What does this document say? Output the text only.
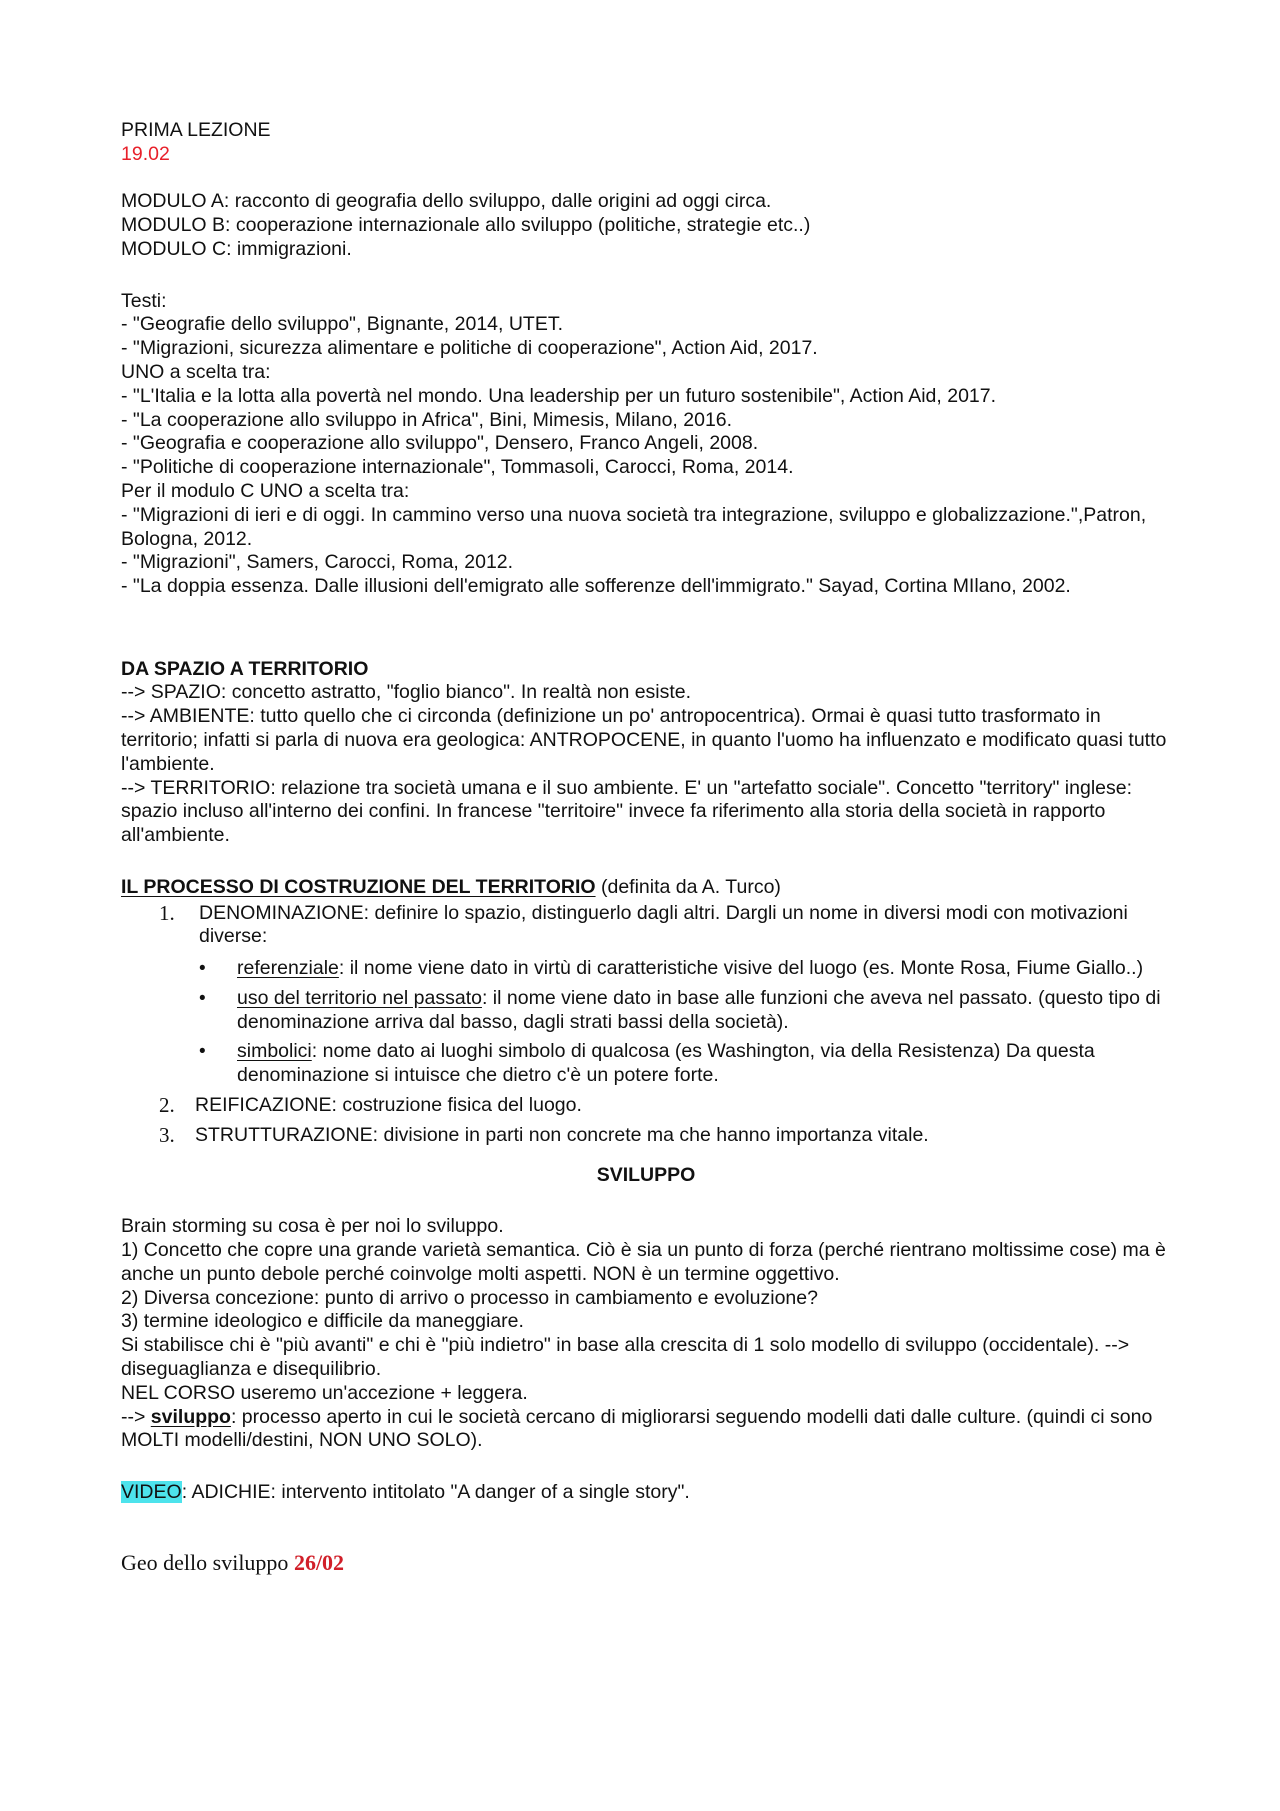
PRIMA LEZIONE
19.02
MODULO A: racconto di geografia dello sviluppo, dalle origini ad oggi circa.
MODULO B: cooperazione internazionale allo sviluppo (politiche, strategie etc..)
MODULO C: immigrazioni.
Testi:
- "Geografie dello sviluppo", Bignante, 2014, UTET.
- "Migrazioni, sicurezza alimentare e politiche di cooperazione", Action Aid, 2017.
UNO a scelta tra:
- "L'Italia e la lotta alla povertà nel mondo. Una leadership per un futuro sostenibile", Action Aid, 2017.
- "La cooperazione allo sviluppo in Africa", Bini, Mimesis, Milano, 2016.
- "Geografia e cooperazione allo sviluppo", Densero, Franco Angeli, 2008.
- "Politiche di cooperazione internazionale", Tommasoli, Carocci, Roma, 2014.
Per il modulo C UNO a scelta tra:
- "Migrazioni di ieri e di oggi. In cammino verso una nuova società tra integrazione, sviluppo e globalizzazione.",Patron, Bologna, 2012.
- "Migrazioni", Samers, Carocci, Roma, 2012.
- "La doppia essenza. Dalle illusioni dell'emigrato alle sofferenze dell'immigrato." Sayad, Cortina MIlano, 2002.
DA SPAZIO A TERRITORIO
--> SPAZIO: concetto astratto, "foglio bianco". In realtà non esiste.
--> AMBIENTE: tutto quello che ci circonda (definizione un po' antropocentrica). Ormai è quasi tutto trasformato in territorio; infatti si parla di nuova era geologica: ANTROPOCENE, in quanto l'uomo ha influenzato e modificato quasi tutto l'ambiente.
--> TERRITORIO: relazione tra società umana e il suo ambiente. E' un "artefatto sociale". Concetto "territory" inglese: spazio incluso all'interno dei confini. In francese "territoire" invece fa riferimento alla storia della società in rapporto all'ambiente.
IL PROCESSO DI COSTRUZIONE DEL TERRITORIO (definita da A. Turco)
1. DENOMINAZIONE: definire lo spazio, distinguerlo dagli altri. Dargli un nome in diversi modi con motivazioni diverse:
• referenziale: il nome viene dato in virtù di caratteristiche visive del luogo (es. Monte Rosa, Fiume Giallo..)
• uso del territorio nel passato: il nome viene dato in base alle funzioni che aveva nel passato. (questo tipo di denominazione arriva dal basso, dagli strati bassi della società).
• simbolici: nome dato ai luoghi simbolo di qualcosa (es Washington, via della Resistenza) Da questa denominazione si intuisce che dietro c'è un potere forte.
2. REIFICAZIONE: costruzione fisica del luogo.
3. STRUTTURAZIONE: divisione in parti non concrete ma che hanno importanza vitale.
SVILUPPO
Brain storming su cosa è per noi lo sviluppo.
1) Concetto che copre una grande varietà semantica. Ciò è sia un punto di forza (perché rientrano moltissime cose) ma è anche un punto debole perché coinvolge molti aspetti. NON è un termine oggettivo.
2) Diversa concezione: punto di arrivo o processo in cambiamento e evoluzione?
3) termine ideologico e difficile da maneggiare.
Si stabilisce chi è "più avanti" e chi è "più indietro" in base alla crescita di 1 solo modello di sviluppo (occidentale). --> diseguaglianza e disequilibrio.
NEL CORSO useremo un'accezione + leggera.
--> sviluppo: processo aperto in cui le società cercano di migliorarsi seguendo modelli dati dalle culture. (quindi ci sono MOLTI modelli/destini, NON UNO SOLO).
VIDEO: ADICHIE: intervento intitolato "A danger of a single story".
Geo dello sviluppo 26/02
